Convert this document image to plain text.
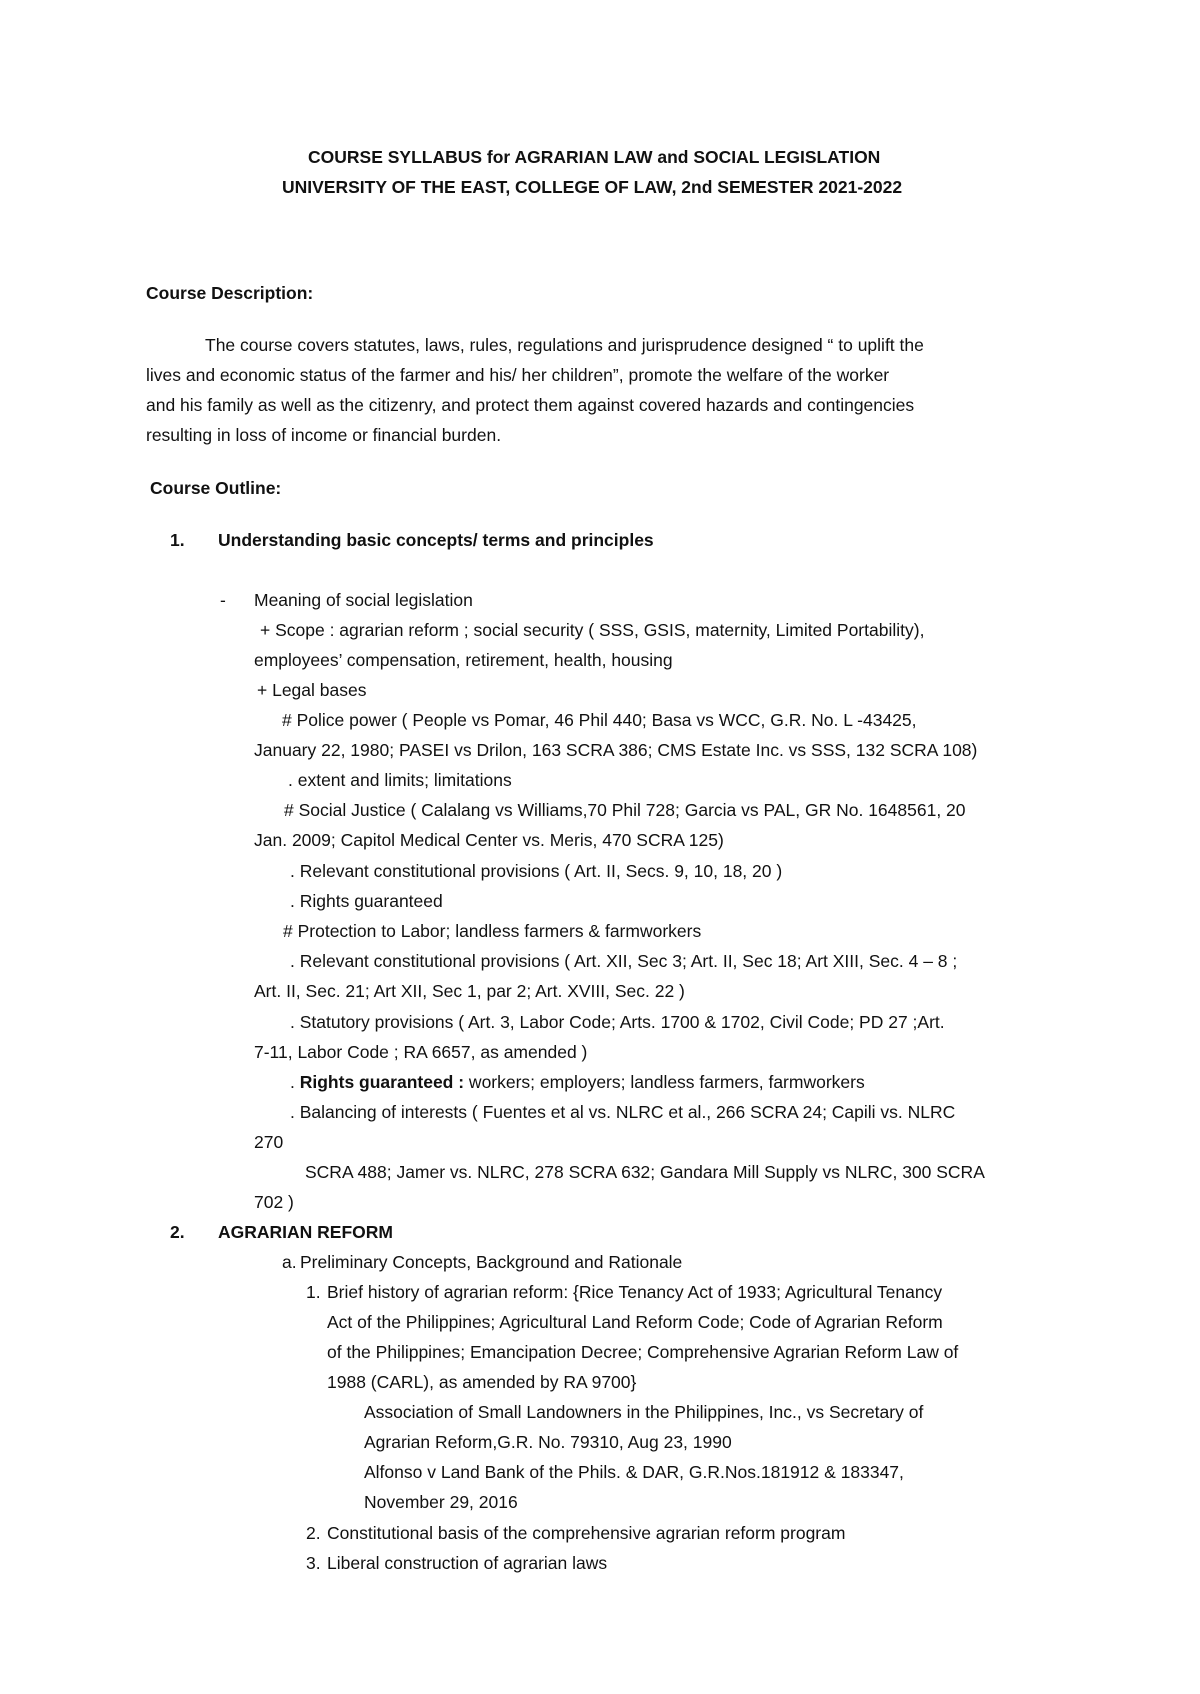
COURSE SYLLABUS for AGRARIAN LAW and SOCIAL LEGISLATION
UNIVERSITY OF THE EAST, COLLEGE OF LAW, 2nd SEMESTER 2021-2022
Course Description:
The course covers statutes, laws, rules, regulations and jurisprudence designed “ to uplift the
lives and economic status of the farmer and his/ her children”, promote the welfare of the worker
and his family as well as the citizenry, and protect them against covered hazards and contingencies
resulting in loss of income or financial burden.
Course Outline:
1. Understanding basic concepts/ terms and principles
- Meaning of social legislation
+ Scope : agrarian reform ; social security ( SSS, GSIS, maternity, Limited Portability),
employees’ compensation, retirement, health, housing
+ Legal bases
# Police power ( People vs Pomar, 46 Phil 440; Basa vs WCC, G.R. No. L -43425,
January 22, 1980; PASEI vs Drilon, 163 SCRA 386; CMS Estate Inc. vs SSS, 132 SCRA 108)
. extent and limits; limitations
# Social Justice ( Calalang vs Williams,70 Phil 728; Garcia vs PAL, GR No. 1648561, 20
Jan. 2009; Capitol Medical Center vs. Meris, 470 SCRA 125)
. Relevant constitutional provisions ( Art. II, Secs. 9, 10, 18, 20 )
. Rights guaranteed
# Protection to Labor; landless farmers & farmworkers
. Relevant constitutional provisions ( Art. XII, Sec 3; Art. II, Sec 18; Art XIII, Sec. 4 – 8 ;
Art. II, Sec. 21; Art XII, Sec 1, par 2; Art. XVIII, Sec. 22 )
. Statutory provisions ( Art. 3, Labor Code; Arts. 1700 & 1702, Civil Code; PD 27 ;Art.
7-11, Labor Code ; RA 6657, as amended )
. Rights guaranteed : workers; employers; landless farmers, farmworkers
. Balancing of interests ( Fuentes et al vs. NLRC et al., 266 SCRA 24; Capili vs. NLRC
270
SCRA 488; Jamer vs. NLRC, 278 SCRA 632; Gandara Mill Supply vs NLRC, 300 SCRA
702 )
2. AGRARIAN REFORM
a. Preliminary Concepts, Background and Rationale
1. Brief history of agrarian reform: {Rice Tenancy Act of 1933; Agricultural Tenancy
Act of the Philippines; Agricultural Land Reform Code; Code of Agrarian Reform
of the Philippines; Emancipation Decree; Comprehensive Agrarian Reform Law of
1988 (CARL), as amended by RA 9700}
Association of Small Landowners in the Philippines, Inc., vs Secretary of
Agrarian Reform,G.R. No. 79310, Aug 23, 1990
Alfonso v Land Bank of the Phils. & DAR, G.R.Nos.181912 & 183347,
November 29, 2016
2. Constitutional basis of the comprehensive agrarian reform program
3. Liberal construction of agrarian laws
